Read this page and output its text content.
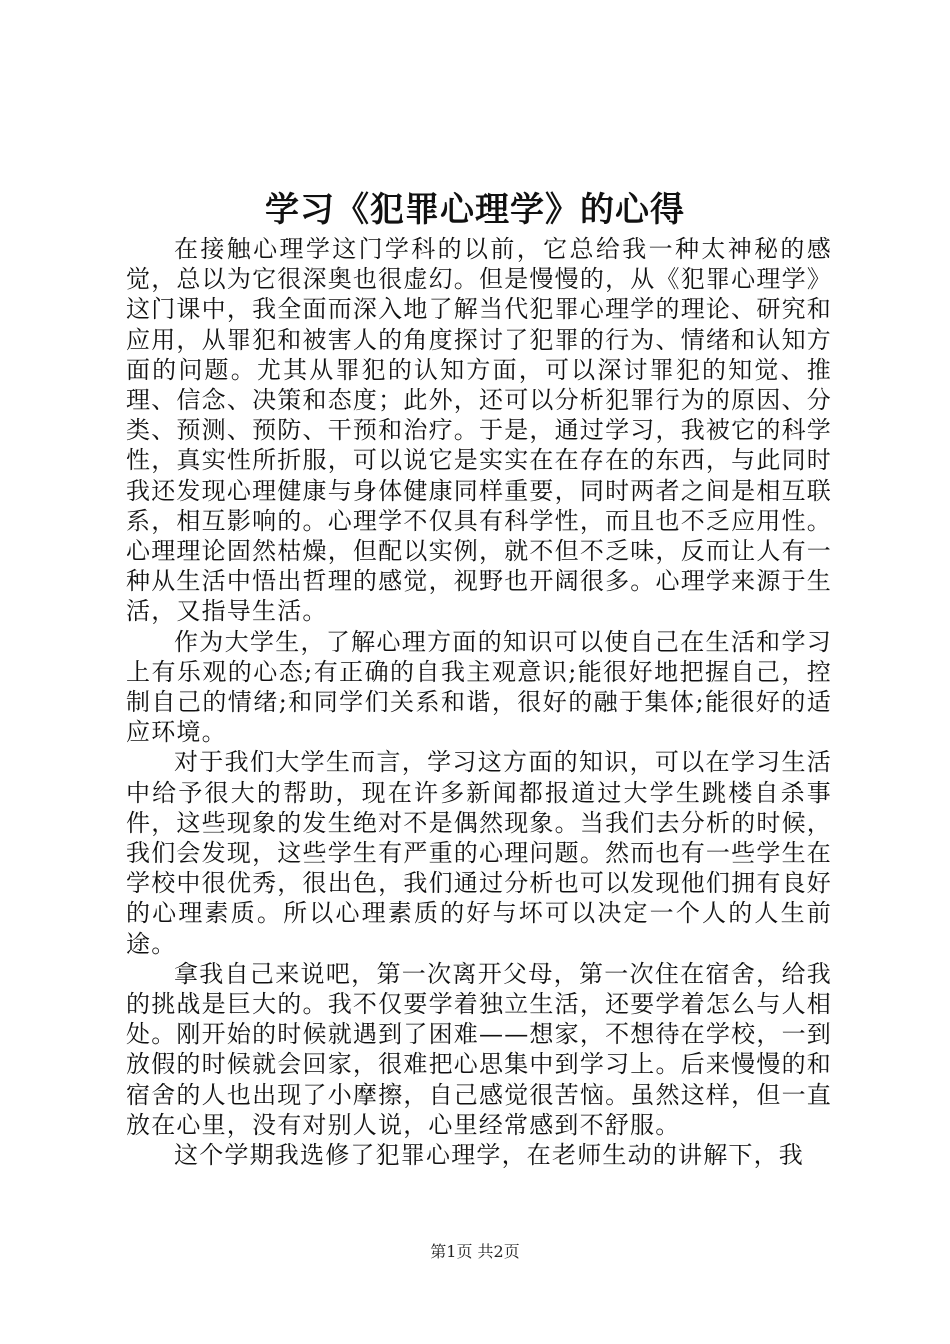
学习《犯罪心理学》的心得

在接触心理学这门学科的以前，它总给我一种太神秘的感觉，总以为它很深奥也很虚幻。但是慢慢的，从《犯罪心理学》这门课中，我全面而深入地了解当代犯罪心理学的理论、研究和应用，从罪犯和被害人的角度探讨了犯罪的行为、情绪和认知方面的问题。尤其从罪犯的认知方面，可以深讨罪犯的知觉、推理、信念、决策和态度；此外，还可以分析犯罪行为的原因、分类、预测、预防、干预和治疗。于是，通过学习，我被它的科学性，真实性所折服，可以说它是实实在在存在的东西，与此同时我还发现心理健康与身体健康同样重要，同时两者之间是相互联系，相互影响的。心理学不仅具有科学性，而且也不乏应用性。心理理论固然枯燥，但配以实例，就不但不乏味，反而让人有一种从生活中悟出哲理的感觉，视野也开阔很多。心理学来源于生活，又指导生活。

作为大学生，了解心理方面的知识可以使自己在生活和学习上有乐观的心态;有正确的自我主观意识;能很好地把握自己，控制自己的情绪;和同学们关系和谐，很好的融于集体;能很好的适应环境。

对于我们大学生而言，学习这方面的知识，可以在学习生活中给予很大的帮助，现在许多新闻都报道过大学生跳楼自杀事件，这些现象的发生绝对不是偶然现象。当我们去分析的时候，我们会发现，这些学生有严重的心理问题。然而也有一些学生在学校中很优秀，很出色，我们通过分析也可以发现他们拥有良好的心理素质。所以心理素质的好与坏可以决定一个人的人生前途。

拿我自己来说吧，第一次离开父母，第一次住在宿舍，给我的挑战是巨大的。我不仅要学着独立生活，还要学着怎么与人相处。刚开始的时候就遇到了困难——想家，不想待在学校，一到放假的时候就会回家，很难把心思集中到学习上。后来慢慢的和宿舍的人也出现了小摩擦，自己感觉很苦恼。虽然这样，但一直放在心里，没有对别人说，心里经常感到不舒服。

这个学期我选修了犯罪心理学，在老师生动的讲解下，我

第1页 共2页
